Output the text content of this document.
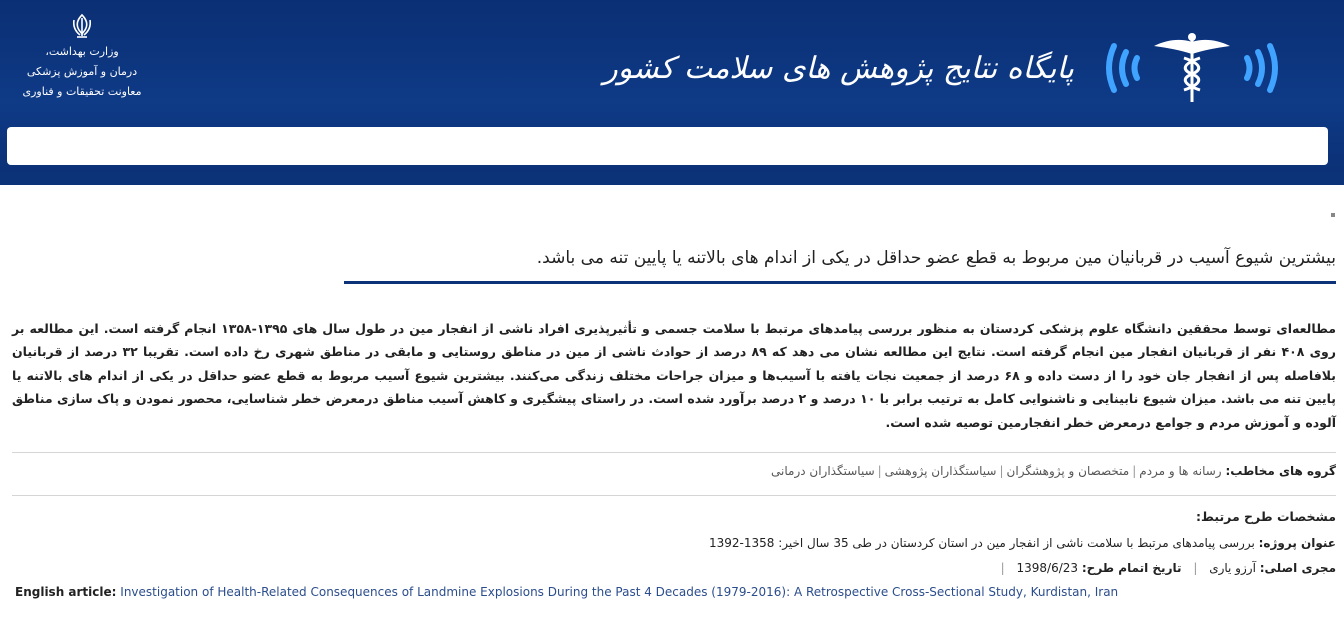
وزارت بهداشت،
درمان و آموزش پزشکی
معاونت تحقیقات و فناوری
پایگاه نتایج پژوهش های سلامت کشور
بیشترین شیوع آسیب در قربانیان مین مربوط به قطع عضو حداقل در یکی از اندام های بالاتنه یا پایین تنه می باشد.
مطالعه‌ای توسط محققین دانشگاه علوم پزشکی کردستان به منظور بررسی پیامدهای مرتبط با سلامت جسمی و تأثیرپذیری افراد ناشی از انفجار مین در طول سال های ۱۳۹۵-۱۳۵۸ انجام گرفته است. این مطالعه بر روی ۴۰۸ نفر از قربانیان انفجار مین انجام گرفته است. نتایج این مطالعه نشان می دهد که ۸۹ درصد از حوادث ناشی از مین در مناطق روستایی و مابقی در مناطق شهری رخ داده است. تقریبا ۳۲ درصد از قربانیان بلافاصله پس از انفجار جان خود را از دست داده و ۶۸ درصد از جمعیت نجات یافته با آسیب‌ها و میزان جراحات مختلف زندگی می‌کنند. بیشترین شیوع آسیب مربوط به قطع عضو حداقل در یکی از اندام های بالاتنه یا پایین تنه می باشد. میزان شیوع نابینایی و ناشنوایی کامل به ترتیب برابر با ۱۰ درصد و ۲ درصد برآورد شده است. در راستای پیشگیری و کاهش آسیب مناطق درمعرض خطر شناسایی، محصور نمودن و پاک سازی مناطق آلوده و آموزش مردم و جوامع درمعرض خطر انفجارمین توصیه شده است.
گروه های مخاطب: رسانه ها و مردم|متخصصان و پژوهشگران|سیاستگذاران پژوهشی|سیاستگذاران درمانی
مشخصات طرح مرتبط:
عنوان پروژه: بررسی پیامدهای مرتبط با سلامت ناشی از انفجار مین در استان کردستان در طی 35 سال اخیر: 1358-1392
مجری اصلی: آرزو یاری | تاریخ اتمام طرح: 1398/6/23 |
English article: Investigation of Health-Related Consequences of Landmine Explosions During the Past 4 Decades (1979-2016): A Retrospective Cross-Sectional Study, Kurdistan, Iran
